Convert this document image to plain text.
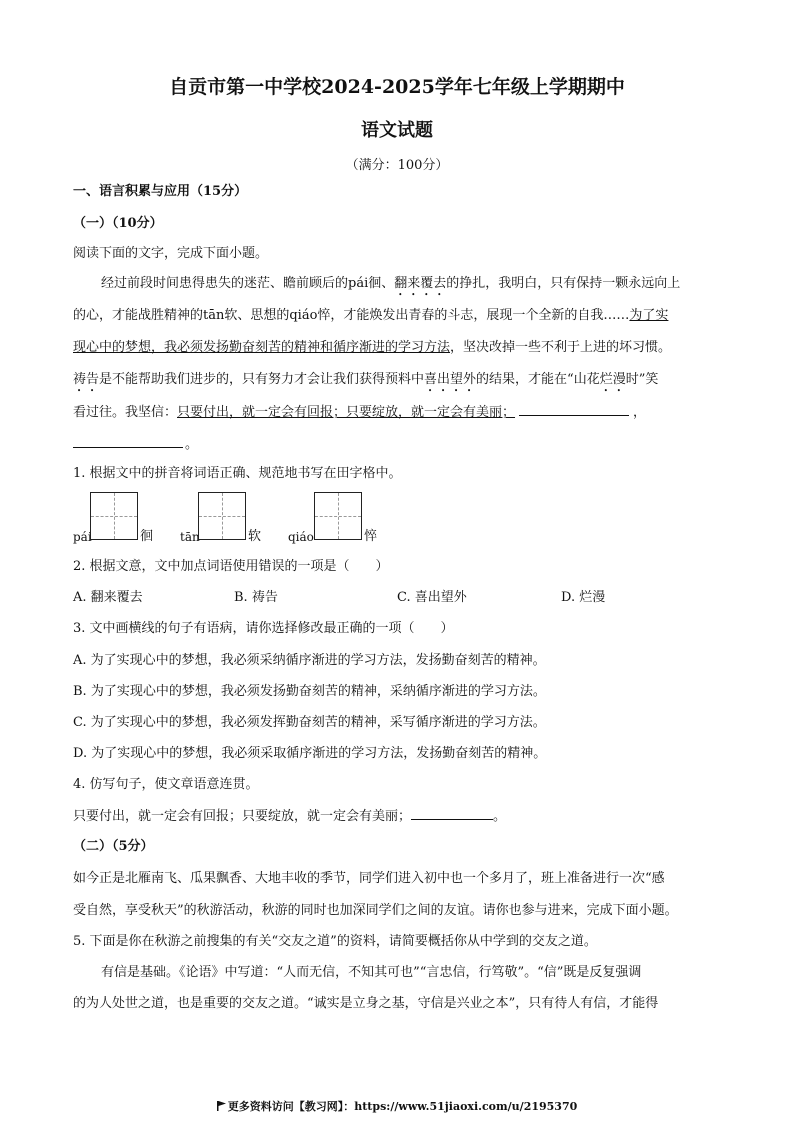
自贡市第一中学校2024-2025学年七年级上学期期中
语文试题
（满分：100分）
一、语言积累与应用（15分）
（一）（10分）
阅读下面的文字，完成下面小题。
经过前段时间患得患失的迷茫、瞻前顾后的pái徊、翻来覆去的挣扎，我明白，只有保持一颗永远向上
的心，才能战胜精神的tān软、思想的qiáo悴，才能焕发出青春的斗志，展现一个全新的自我……为了实
现心中的梦想，我必须发扬勤奋刻苦的精神和循序渐进的学习方法，坚决改掉一些不利于上进的坏习惯。
祷告是不能帮助我们进步的，只有努力才会让我们获得预料中喜出望外的结果，才能在“山花烂漫时”笑
看过往。我坚信：只要付出，就一定会有回报；只要绽放，就一定会有美丽；	，
。
1. 根据文中的拼音将词语正确、规范地书写在田字格中。
pái	徊 tān	软 qiáo	悴
2. 根据文意，文中加点词语使用错误的一项是（　　）
A. 翻来覆去	B. 祷告	C. 喜出望外	D. 烂漫
3. 文中画横线的句子有语病，请你选择修改最正确的一项（　　）
A. 为了实现心中的梦想，我必须采纳循序渐进的学习方法，发扬勤奋刻苦的精神。
B. 为了实现心中的梦想，我必须发扬勤奋刻苦的精神，采纳循序渐进的学习方法。
C. 为了实现心中的梦想，我必须发挥勤奋刻苦的精神，采写循序渐进的学习方法。
D. 为了实现心中的梦想，我必须采取循序渐进的学习方法，发扬勤奋刻苦的精神。
4. 仿写句子，使文章语意连贯。
只要付出，就一定会有回报；只要绽放，就一定会有美丽；	。
（二）（5分）
如今正是北雁南飞、瓜果飘香、大地丰收的季节，同学们进入初中也一个多月了，班上准备进行一次“感
受自然，享受秋天”的秋游活动，秋游的同时也加深同学们之间的友谊。请你也参与进来，完成下面小题。
5. 下面是你在秋游之前搜集的有关“交友之道”的资料，请简要概括你从中学到的交友之道。
有信是基础。《论语》中写道：“人而无信，不知其可也”“言忠信，行笃敬”。“信”既是反复强调
的为人处世之道，也是重要的交友之道。“诚实是立身之基，守信是兴业之本”，只有待人有信，才能得
更多资料访问【教习网】：https://www.51jiaoxi.com/u/2195370
